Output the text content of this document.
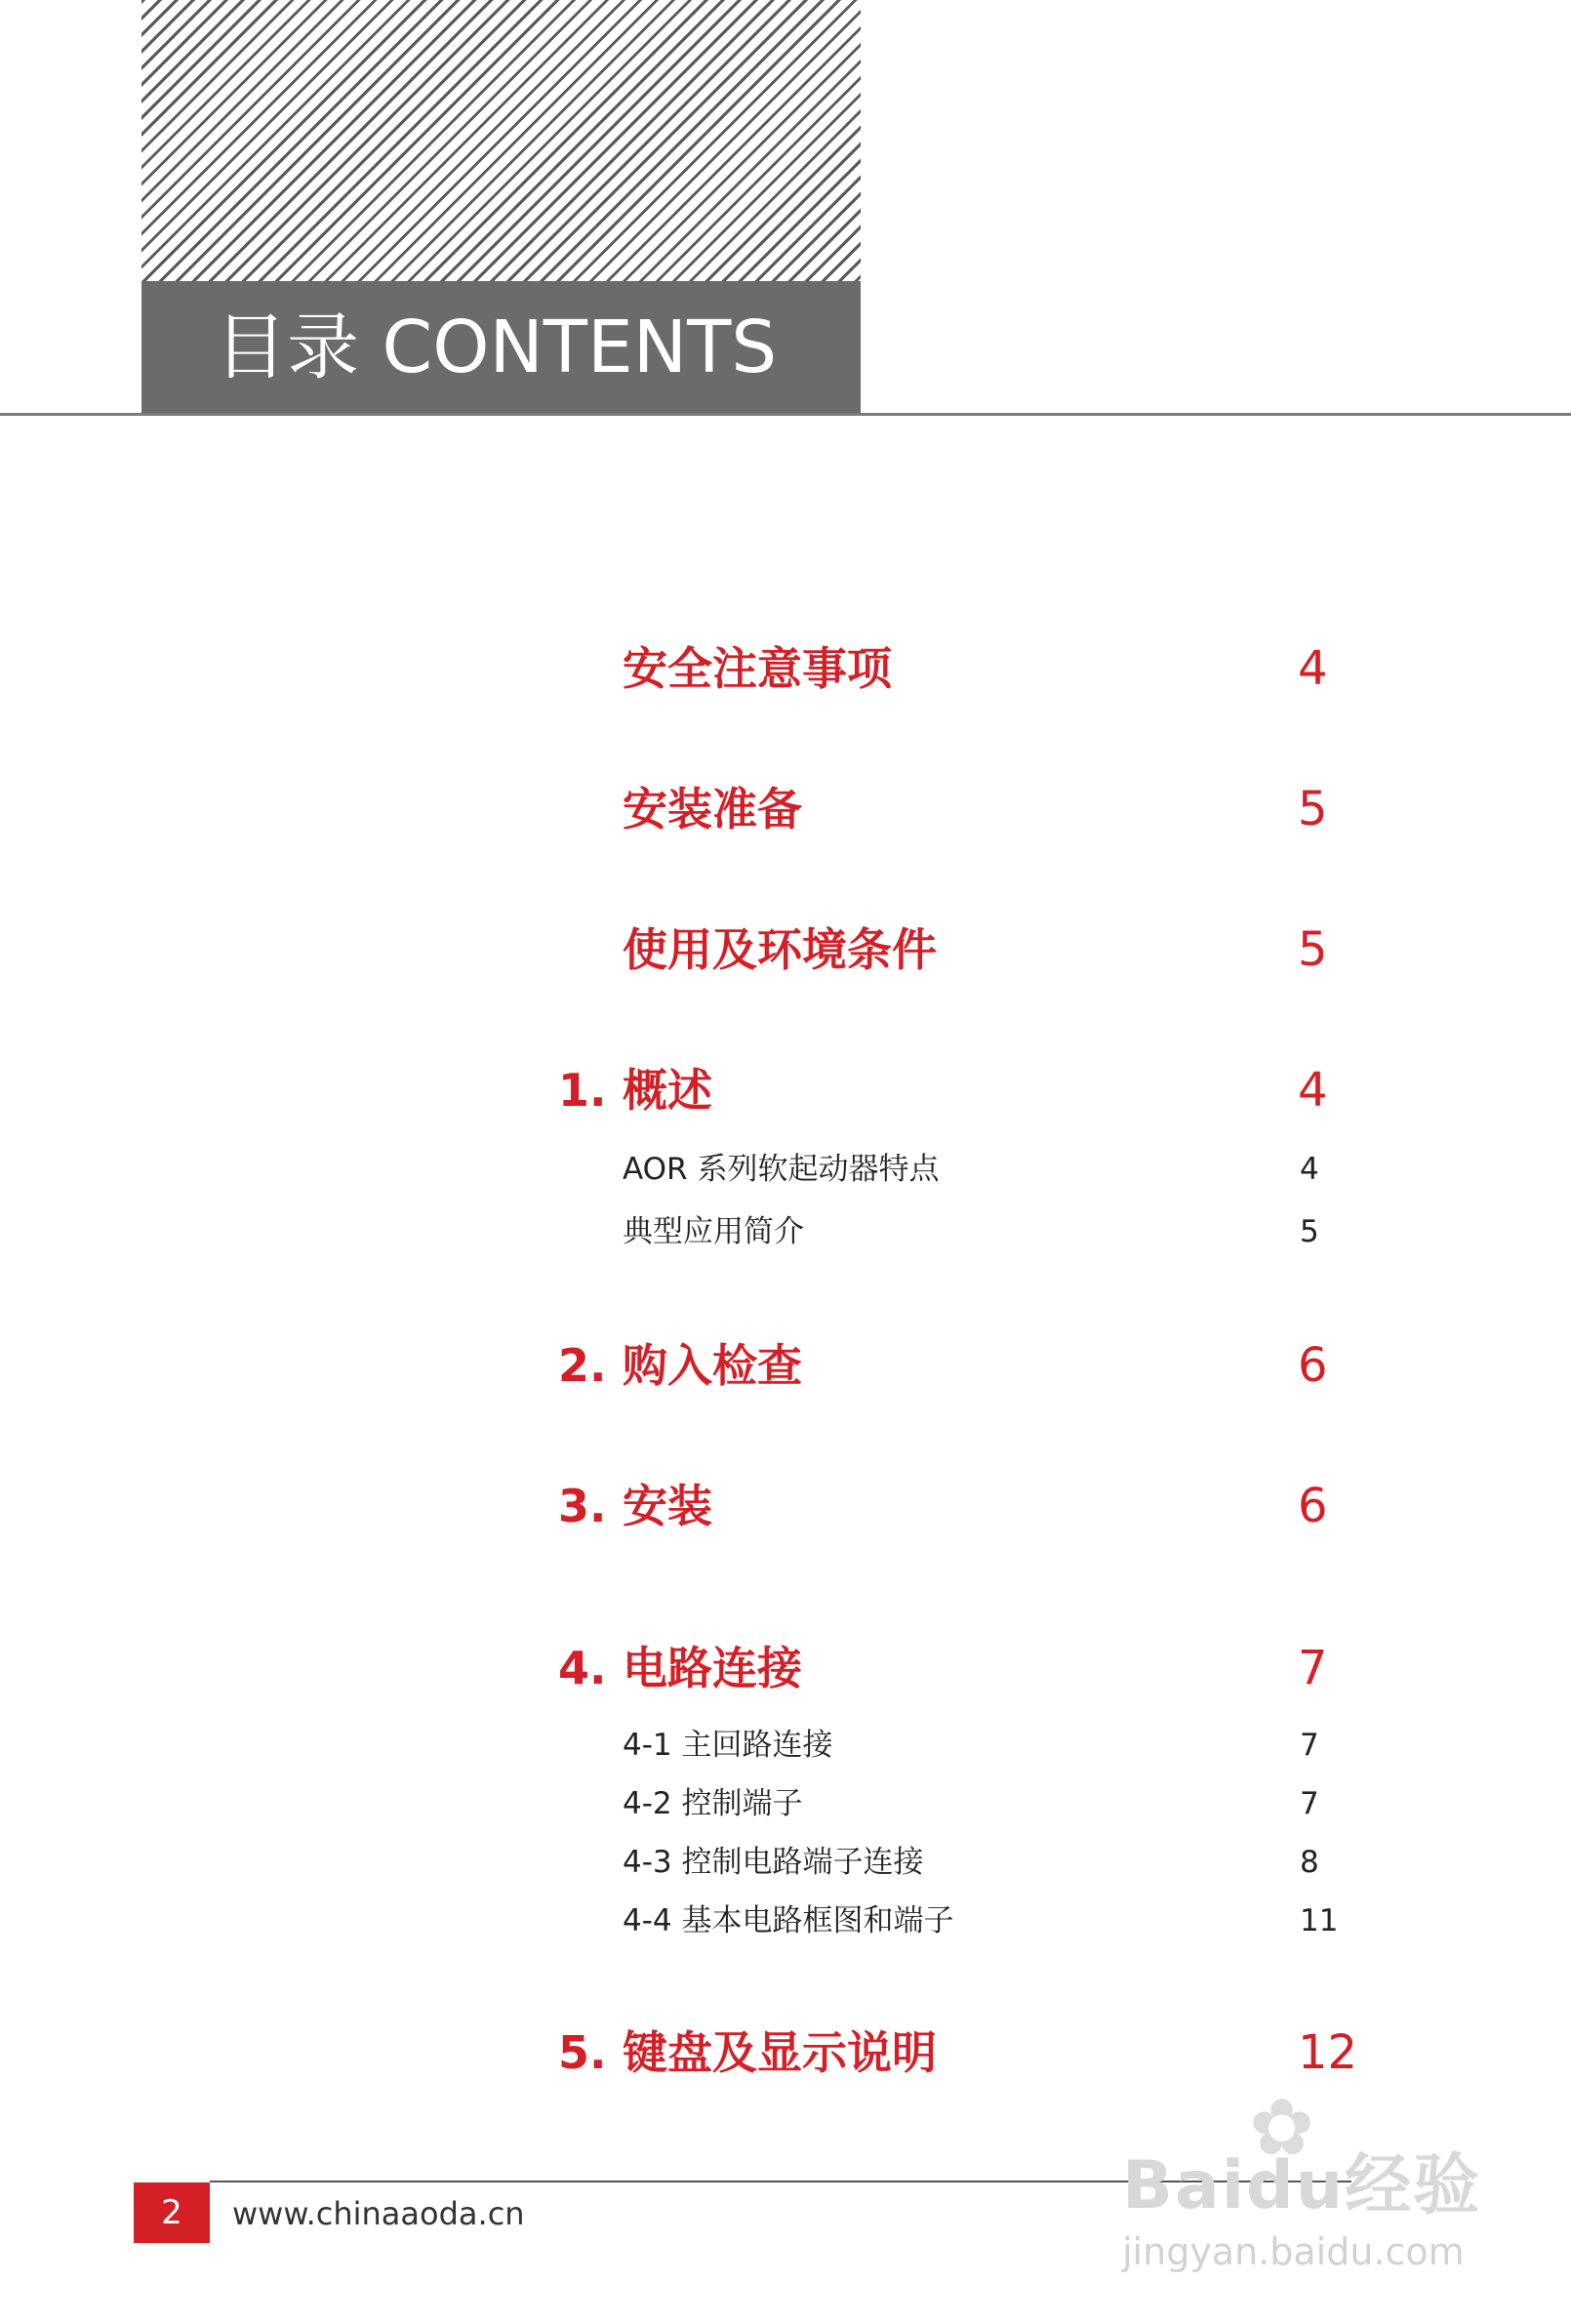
目录 CONTENTS
安全注意事项	4
安装准备	5
使用及环境条件	5
1. 概述	4
AOR 系列软起动器特点	4
典型应用简介	5
2. 购入检查	6
3. 安装	6
4. 电路连接	7
4-1 主回路连接	7
4-2 控制端子	7
4-3 控制电路端子连接	8
4-4 基本电路框图和端子	11
5. 键盘及显示说明	12
2	www.chinaaoda.cn
✿
Baidu经验
jingyan.baidu.com
